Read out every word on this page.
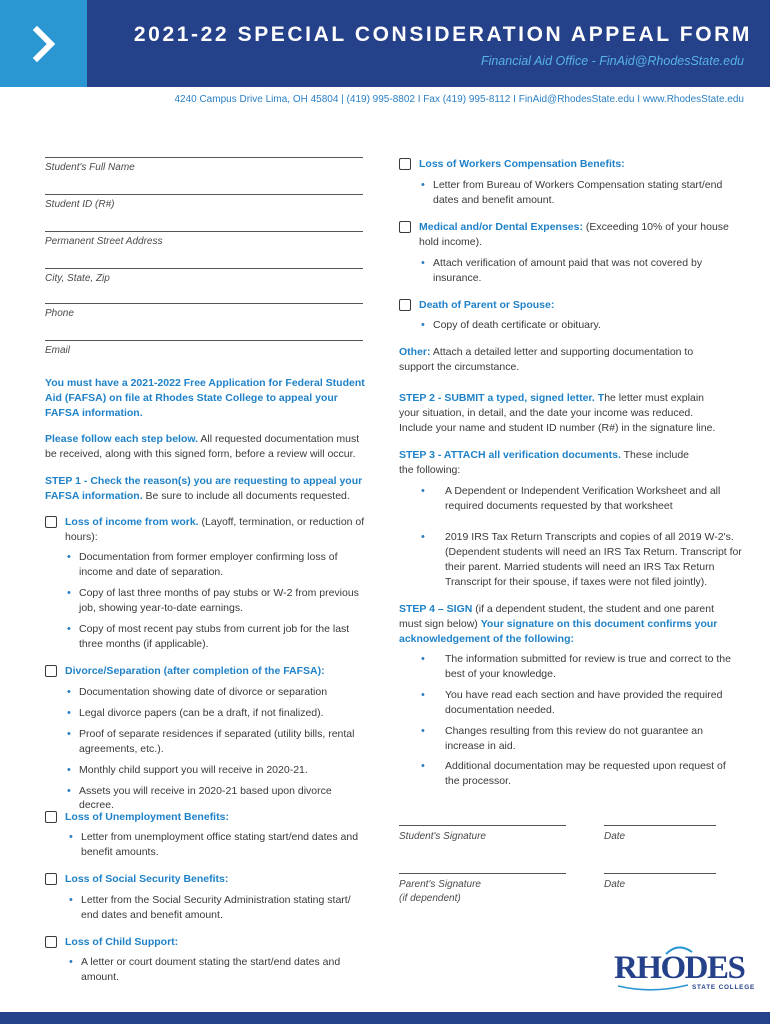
2021-22 SPECIAL CONSIDERATION APPEAL FORM
Financial Aid Office - FinAid@RhodesState.edu
4240 Campus Drive Lima, OH 45804 | (419) 995-8802 I Fax (419) 995-8112 I FinAid@RhodesState.edu I www.RhodesState.edu
Student's Full Name
Student ID (R#)
Permanent Street Address
City, State, Zip
Phone
Email
You must have a 2021-2022 Free Application for Federal Student Aid (FAFSA) on file at Rhodes State College to appeal your FAFSA information.
Please follow each step below. All requested documentation must be received, along with this signed form, before a review will occur.
STEP 1 - Check the reason(s) you are requesting to appeal your FAFSA information. Be sure to include all documents requested.
Loss of income from work. (Layoff, termination, or reduction of hours):
• Documentation from former employer confirming loss of income and date of separation.
• Copy of last three months of pay stubs or W-2 from previous job, showing year-to-date earnings.
• Copy of most recent pay stubs from current job for the last three months (if applicable).
Divorce/Separation (after completion of the FAFSA):
• Documentation showing date of divorce or separation
• Legal divorce papers (can be a draft, if not finalized).
• Proof of separate residences if separated (utility bills, rental agreements, etc.).
• Monthly child support you will receive in 2020-21.
• Assets you will receive in 2020-21 based upon divorce decree.
Loss of Unemployment Benefits:
• Letter from unemployment office stating start/end dates and benefit amounts.
Loss of Social Security Benefits:
• Letter from the Social Security Administration stating start/ end dates and benefit amount.
Loss of Child Support:
• A letter or court doument stating the start/end dates and amount.
Loss of Workers Compensation Benefits:
• Letter from Bureau of Workers Compensation stating start/end dates and benefit amount.
Medical and/or Dental Expenses: (Exceeding 10% of your house hold income).
• Attach verification of amount paid that was not covered by insurance.
Death of Parent or Spouse:
• Copy of death certificate or obituary.
Other: Attach a detailed letter and supporting documentation to support the circumstance.
STEP 2 - SUBMIT a typed, signed letter. The letter must explain your situation, in detail, and the date your income was reduced. Include your name and student ID number (R#) in the signature line.
STEP 3 - ATTACH all verification documents. These include the following:
• A Dependent or Independent Verification Worksheet and all required documents requested by that worksheet
• 2019 IRS Tax Return Transcripts and copies of all 2019 W-2's. (Dependent students will need an IRS Tax Return. Transcript for their parent. Married students will need an IRS Tax Return Transcript for their spouse, if taxes were not filed jointly).
STEP 4 – SIGN (if a dependent student, the student and one parent must sign below) Your signature on this document confirms your acknowledgement of the following:
• The information submitted for review is true and correct to the best of your knowledge.
• You have read each section and have provided the required documentation needed.
• Changes resulting from this review do not guarantee an increase in aid.
• Additional documentation may be requested upon request of the processor.
Student's Signature	Date
Parent's Signature
(if dependent)
Date
RHODES
STATE COLLEGE
